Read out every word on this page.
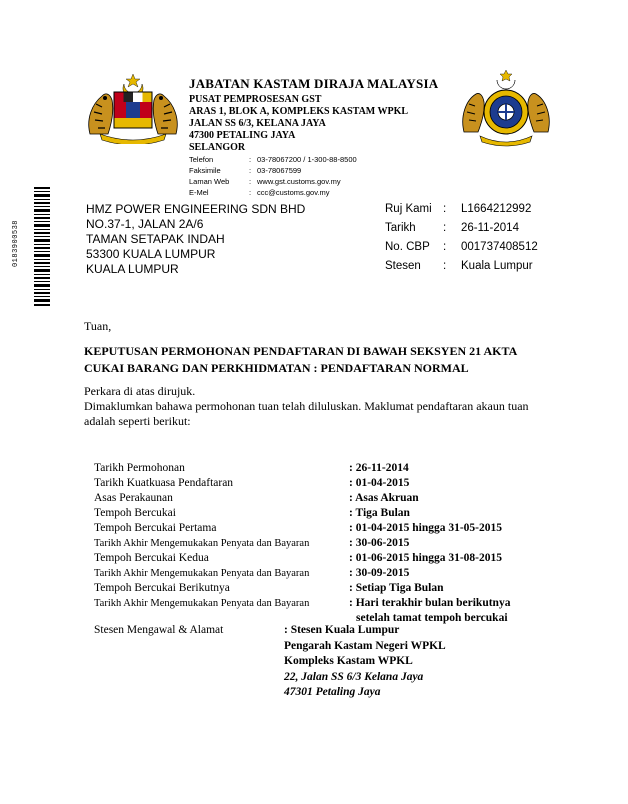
JABATAN KASTAM DIRAJA MALAYSIA
PUSAT PEMPROSESAN GST
ARAS 1, BLOK A, KOMPLEKS KASTAM WPKL
JALAN SS 6/3, KELANA JAYA
47300 PETALING JAYA
SELANGOR
Telefon	: 03-78067200 / 1-300-88-8500
Faksimile	: 03-78067599
Laman Web	: www.gst.customs.gov.my
E-Mel	: ccc@customs.gov.my
0183900538
HMZ POWER ENGINEERING SDN BHD
NO.37-1, JALAN 2A/6
TAMAN SETAPAK INDAH
53300 KUALA LUMPUR
KUALA LUMPUR
Ruj Kami :	L1664212992
Tarikh	:	26-11-2014
No. CBP	:	001737408512
Stesen	:	Kuala Lumpur
Tuan,
KEPUTUSAN PERMOHONAN PENDAFTARAN DI BAWAH SEKSYEN 21 AKTA
CUKAI BARANG DAN PERKHIDMATAN : PENDAFTARAN NORMAL
Perkara di atas dirujuk.
Dimaklumkan bahawa permohonan tuan telah diluluskan. Maklumat pendaftaran akaun tuan
adalah seperti berikut:
Tarikh Permohonan	: 26-11-2014
Tarikh Kuatkuasa Pendaftaran	: 01-04-2015
Asas Perakaunan	: Asas Akruan
Tempoh Bercukai	: Tiga Bulan
Tempoh Bercukai Pertama	: 01-04-2015 hingga 31-05-2015
Tarikh Akhir Mengemukakan Penyata dan Bayaran	: 30-06-2015
Tempoh Bercukai Kedua	: 01-06-2015 hingga 31-08-2015
Tarikh Akhir Mengemukakan Penyata dan Bayaran	: 30-09-2015
Tempoh Bercukai Berikutnya	: Setiap Tiga Bulan
Tarikh Akhir Mengemukakan Penyata dan Bayaran	: Hari terakhir bulan berikutnya
setelah tamat tempoh bercukai
Stesen Mengawal & Alamat	: Stesen Kuala Lumpur
Pengarah Kastam Negeri WPKL
Kompleks Kastam WPKL
22, Jalan SS 6/3 Kelana Jaya
47301 Petaling Jaya
